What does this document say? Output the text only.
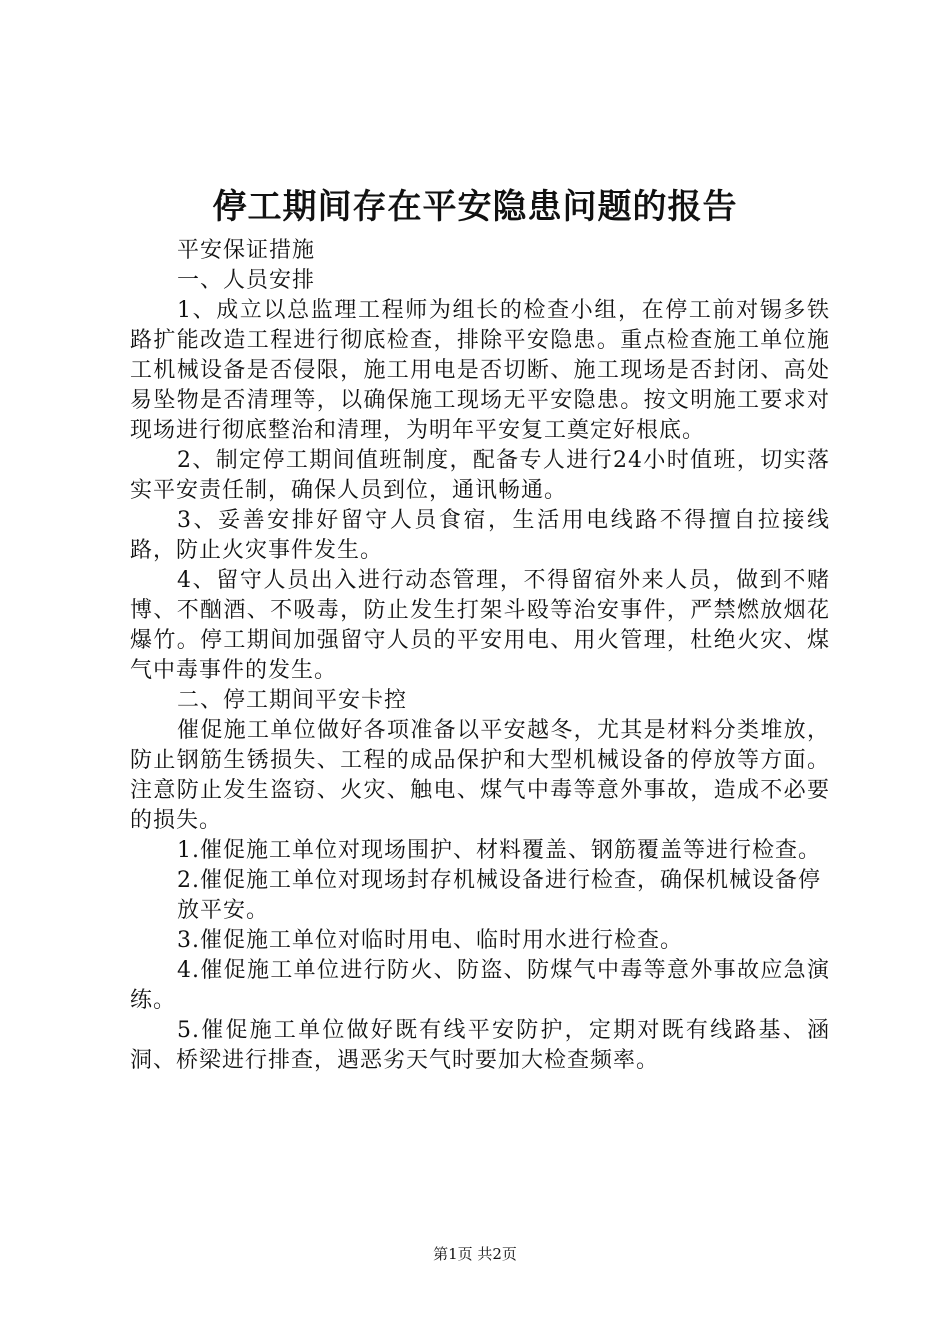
停工期间存在平安隐患问题的报告

平安保证措施

一、人员安排

1、成立以总监理工程师为组长的检查小组，在停工前对锡多铁路扩能改造工程进行彻底检查，排除平安隐患。重点检查施工单位施工机械设备是否侵限，施工用电是否切断、施工现场是否封闭、高处易坠物是否清理等，以确保施工现场无平安隐患。按文明施工要求对现场进行彻底整治和清理，为明年平安复工奠定好根底。

2、制定停工期间值班制度，配备专人进行24小时值班，切实落实平安责任制，确保人员到位，通讯畅通。

3、妥善安排好留守人员食宿，生活用电线路不得擅自拉接线路，防止火灾事件发生。

4、留守人员出入进行动态管理，不得留宿外来人员，做到不赌博、不酗酒、不吸毒，防止发生打架斗殴等治安事件，严禁燃放烟花爆竹。停工期间加强留守人员的平安用电、用火管理，杜绝火灾、煤气中毒事件的发生。

二、停工期间平安卡控

催促施工单位做好各项准备以平安越冬，尤其是材料分类堆放，防止钢筋生锈损失、工程的成品保护和大型机械设备的停放等方面。注意防止发生盗窃、火灾、触电、煤气中毒等意外事故，造成不必要的损失。

1.催促施工单位对现场围护、材料覆盖、钢筋覆盖等进行检查。

2.催促施工单位对现场封存机械设备进行检查，确保机械设备停

放平安。

3.催促施工单位对临时用电、临时用水进行检查。

4.催促施工单位进行防火、防盗、防煤气中毒等意外事故应急演练。

5.催促施工单位做好既有线平安防护，定期对既有线路基、涵洞、桥梁进行排查，遇恶劣天气时要加大检查频率。

第1页 共2页
